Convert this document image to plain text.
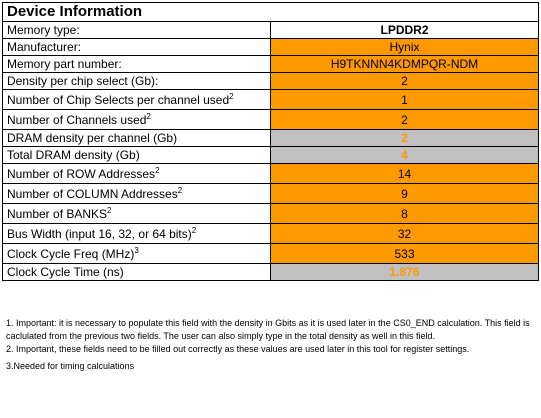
Device Information	
Memory type:	LPDDR2
Manufacturer:	Hynix
Memory part number:	H9TKNNN4KDMPQR-NDM
Density per chip select (Gb):	2
Number of Chip Selects per channel used$^2$	1
Number of Channels used$^2$	2
DRAM density per channel (Gb)	2
Total DRAM density (Gb)	4
Number of ROW Addresses$^2$	14
Number of COLUMN Addresses$^2$	9
Number of BANKS$^2$	8
Bus Width (input 16, 32, or 64 bits)$^2$	32
Clock Cycle Freq (MHz)$^3$	533
Clock Cycle Time (ns)	1.876

1. Important: it is necessary to populate this field with the density in Gbits as it is used later in the CS0_END calculation. This field is caclulated from the previous two fields. The user can also simply type in the total density as well in this field.

2. Important, these fields need to be filled out correctly as these values are used later in this tool for register settings.

3.Needed for timing calculations
